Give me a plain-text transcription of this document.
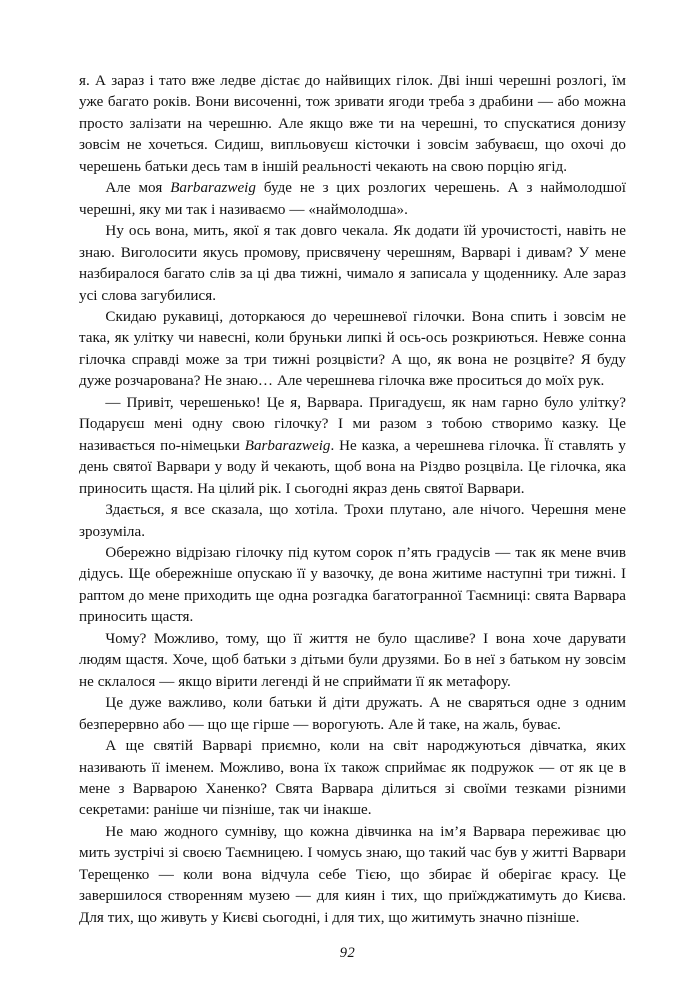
я. А зараз і тато вже ледве дістає до найвищих гілок. Дві інші черешні розлогі, їм уже багато років. Вони височенні, тож зривати ягоди треба з драбини — або можна просто залізати на черешню. Але якщо вже ти на черешні, то спускатися донизу зовсім не хочеться. Сидиш, випльовуєш кісточки і зовсім забуваєш, що охочі до черешень батьки десь там в іншій реальності чекають на свою порцію ягід.

Але моя Barbarazweig буде не з цих розлогих черешень. А з наймолодшої черешні, яку ми так і називаємо — «наймолодша».

Ну ось вона, мить, якої я так довго чекала. Як додати їй урочистості, навіть не знаю. Виголосити якусь промову, присвячену черешням, Варварі і дивам? У мене назбиралося багато слів за ці два тижні, чимало я записала у щоденнику. Але зараз усі слова загубилися.

Скидаю рукавиці, доторкаюся до черешневої гілочки. Вона спить і зовсім не така, як улітку чи навесні, коли бруньки липкі й ось-ось розкриються. Невже сонна гілочка справді може за три тижні розцвісти? А що, як вона не розцвіте? Я буду дуже розчарована? Не знаю… Але черешнева гілочка вже проситься до моїх рук.

— Привіт, черешенько! Це я, Варвара. Пригадуєш, як нам гарно було улітку? Подаруєш мені одну свою гілочку? І ми разом з тобою створимо казку. Це називається по-німецьки Barbarazweig. Не казка, а черешнева гілочка. Її ставлять у день святої Варвари у воду й чекають, щоб вона на Різдво розцвіла. Це гілочка, яка приносить щастя. На цілий рік. І сьогодні якраз день святої Варвари.

Здається, я все сказала, що хотіла. Трохи плутано, але нічого. Черешня мене зрозуміла.

Обережно відрізаю гілочку під кутом сорок п’ять градусів — так як мене вчив дідусь. Ще обережніше опускаю її у вазочку, де вона житиме наступні три тижні. І раптом до мене приходить ще одна розгадка багатогранної Таємниці: свята Варвара приносить щастя.

Чому? Можливо, тому, що її життя не було щасливе? І вона хоче дарувати людям щастя. Хоче, щоб батьки з дітьми були друзями. Бо в неї з батьком ну зовсім не склалося — якщо вірити легенді й не сприймати її як метафору.

Це дуже важливо, коли батьки й діти дружать. А не сваряться одне з одним безперервно або — що ще гірше — ворогують. Але й таке, на жаль, буває.

А ще святій Варварі приємно, коли на світ народжуються дівчатка, яких називають її іменем. Можливо, вона їх також сприймає як подружок — от як це в мене з Варварою Ханенко? Свята Варвара ділиться зі своїми тезками різними секретами: раніше чи пізніше, так чи інакше.

Не маю жодного сумніву, що кожна дівчинка на ім’я Варвара переживає цю мить зустрічі зі своєю Таємницею. І чомусь знаю, що такий час був у житті Варвари Терещенко — коли вона відчула себе Тією, що збирає й оберігає красу. Це завершилося створенням музею — для киян і тих, що приїжджатимуть до Києва. Для тих, що живуть у Києві сьогодні, і для тих, що житимуть значно пізніше.

92
